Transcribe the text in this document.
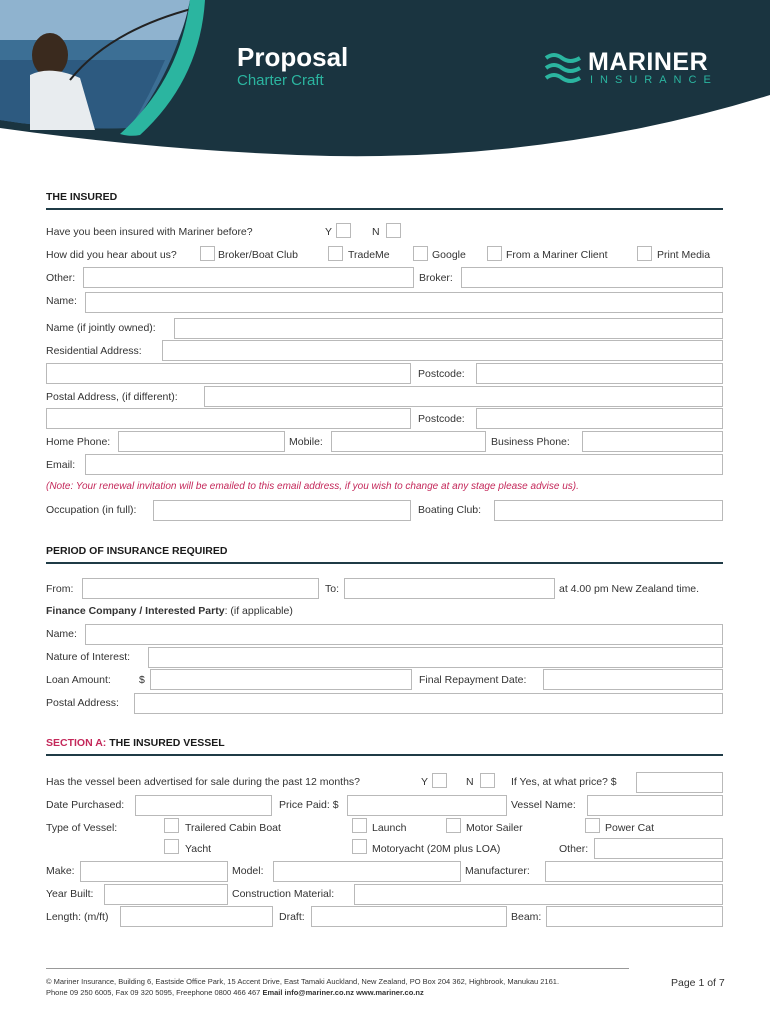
Proposal
Charter Craft
MARINER
INSURANCE
THE INSURED
Have you been insured with Mariner before?	Y	N
How did you hear about us?	Broker/Boat Club	TradeMe	Google	From a Mariner Client	Print Media
Other:	Broker:
Name:
Name (if jointly owned):
Residential Address:
Postcode:
Postal Address, (if different):
Postcode:
Home Phone:	Mobile:	Business Phone:
Email:
(Note: Your renewal invitation will be emailed to this email address, if you wish to change at any stage please advise us).
Occupation (in full):	Boating Club:
PERIOD OF INSURANCE REQUIRED
From:	To:	at 4.00 pm New Zealand time.
Finance Company / Interested Party: (if applicable)
Name:
Nature of Interest:
Loan Amount:	$	Final Repayment Date:
Postal Address:
SECTION A: THE INSURED VESSEL
Has the vessel been advertised for sale during the past 12 months?	Y	N	If Yes, at what price? $
Date Purchased:	Price Paid: $	Vessel Name:
Type of Vessel:	Trailered Cabin Boat	Launch	Motor Sailer	Power Cat
Yacht	Motoryacht (20M plus LOA)	Other:
Make:	Model:	Manufacturer:
Year Built:	Construction Material:
Length: (m/ft)	Draft:	Beam:
© Mariner Insurance, Building 6, Eastside Office Park, 15 Accent Drive, East Tamaki Auckland, New Zealand, PO Box 204 362, Highbrook, Manukau 2161.
Phone 09 250 6005, Fax 09 320 5095, Freephone 0800 466 467 Email info@mariner.co.nz www.mariner.co.nz
Page 1 of 7
